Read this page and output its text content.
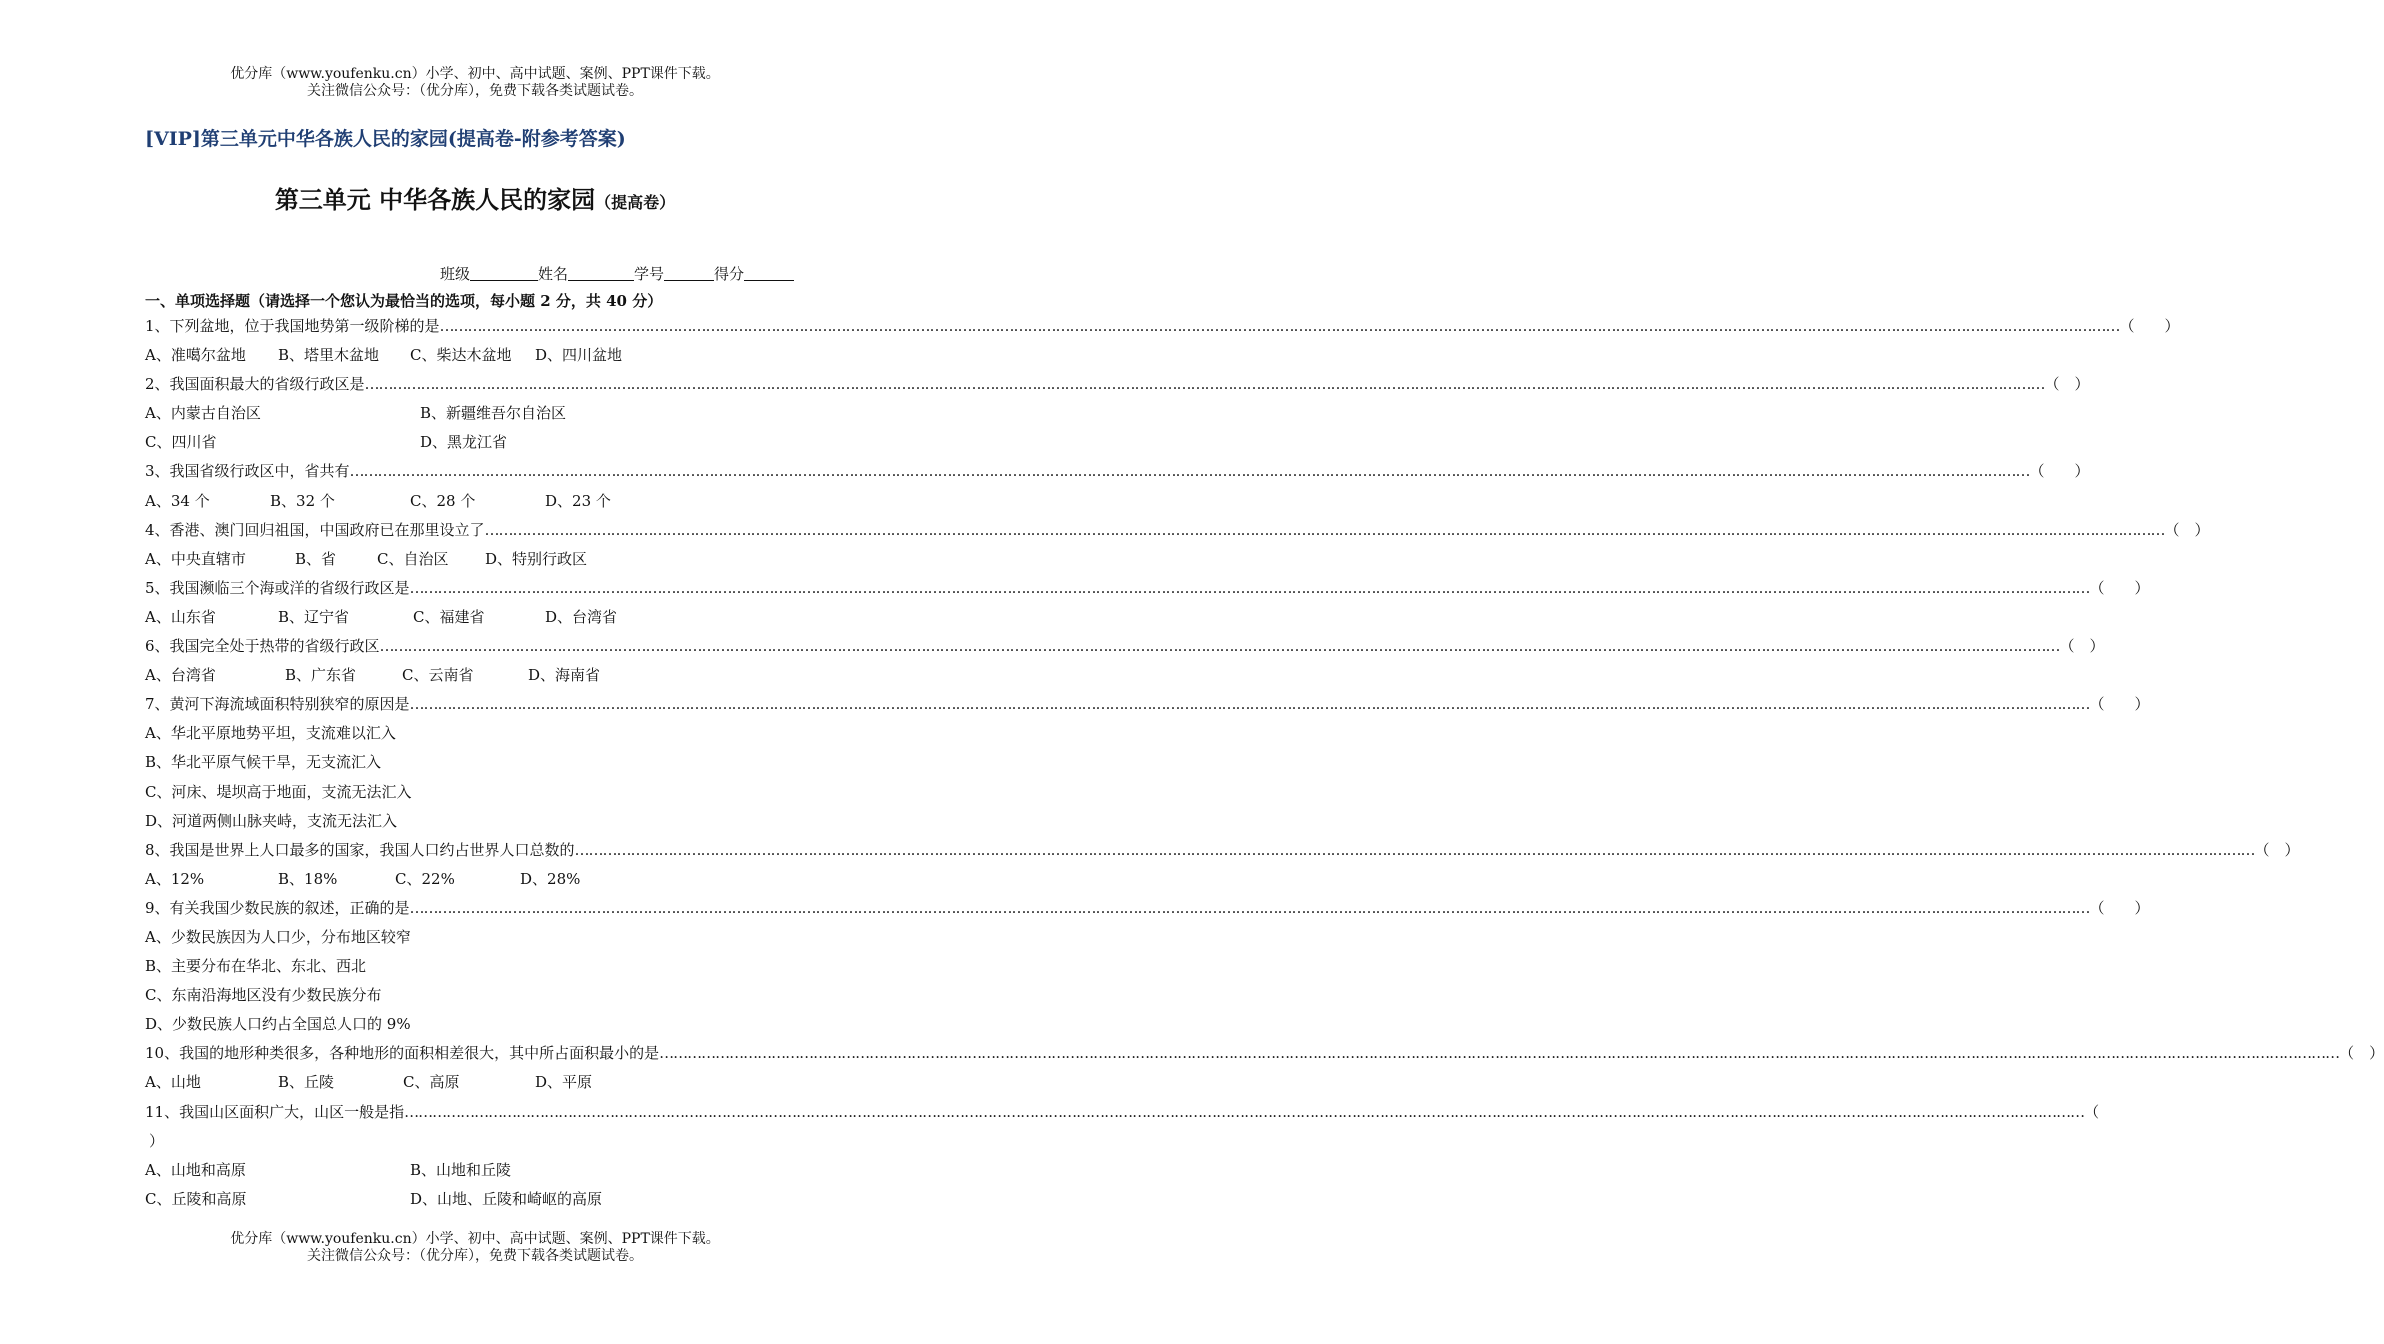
优分库（www.youfenku.cn）小学、初中、高中试题、案例、PPT课件下载。
关注微信公众号：（优分库），免费下载各类试题试卷。
[VIP]第三单元中华各族人民的家园(提高卷-附参考答案)
第三单元 中华各族人民的家园（提高卷）
班级	姓名	学号	得分
一、单项选择题（请选择一个您认为最恰当的选项，每小题 2 分，共 40 分）
1、下列盆地，位于我国地势第一级阶梯的是 ……………………………………………………………………………………………………………………………………………………………………………………………………………………………………………………………………………………………………………………………… （　　）
A、准噶尔盆地 B、塔里木盆地 C、柴达木盆地 D、四川盆地
2、我国面积最大的省级行政区是 ……………………………………………………………………………………………………………………………………………………………………………………………………………………………………………………………………………………………………………………………… （　）
A、内蒙古自治区	B、新疆维吾尔自治区
C、四川省	D、黑龙江省
3、我国省级行政区中，省共有 ……………………………………………………………………………………………………………………………………………………………………………………………………………………………………………………………………………………………………………………………… （　　）
A、34 个	B、32 个	C、28 个	D、23 个
4、香港、澳门回归祖国，中国政府已在那里设立了 ……………………………………………………………………………………………………………………………………………………………………………………………………………………………………………………………………………………………………………………………… （　）
A、中央直辖市	B、省	C、自治区 D、特别行政区
5、我国濒临三个海或洋的省级行政区是 ……………………………………………………………………………………………………………………………………………………………………………………………………………………………………………………………………………………………………………………………… （　　）
A、山东省	B、辽宁省	C、福建省	D、台湾省
6、我国完全处于热带的省级行政区 ……………………………………………………………………………………………………………………………………………………………………………………………………………………………………………………………………………………………………………………………… （　）
A、台湾省	B、广东省	C、云南省	D、海南省
7、黄河下海流域面积特别狭窄的原因是 ……………………………………………………………………………………………………………………………………………………………………………………………………………………………………………………………………………………………………………………………… （　　）
A、华北平原地势平坦，支流难以汇入
B、华北平原气候干旱，无支流汇入
C、河床、堤坝高于地面，支流无法汇入
D、河道两侧山脉夹峙，支流无法汇入
8、我国是世界上人口最多的国家，我国人口约占世界人口总数的 ……………………………………………………………………………………………………………………………………………………………………………………………………………………………………………………………………………………………………………………………… （　）
A、12%	B、18%	C、22%	D、28%
9、有关我国少数民族的叙述，正确的是 ……………………………………………………………………………………………………………………………………………………………………………………………………………………………………………………………………………………………………………………………… （　　）
A、少数民族因为人口少，分布地区较窄
B、主要分布在华北、东北、西北
C、东南沿海地区没有少数民族分布
D、少数民族人口约占全国总人口的 9%
10、我国的地形种类很多，各种地形的面积相差很大，其中所占面积最小的是 ……………………………………………………………………………………………………………………………………………………………………………………………………………………………………………………………………………………………………………………………… （　）
A、山地	B、丘陵	C、高原	D、平原
11、我国山区面积广大，山区一般是指 ……………………………………………………………………………………………………………………………………………………………………………………………………………………………………………………………………………………………………………………………… （
）
A、山地和高原	B、山地和丘陵
C、丘陵和高原	D、山地、丘陵和崎岖的高原
优分库（www.youfenku.cn）小学、初中、高中试题、案例、PPT课件下载。
关注微信公众号：（优分库），免费下载各类试题试卷。
